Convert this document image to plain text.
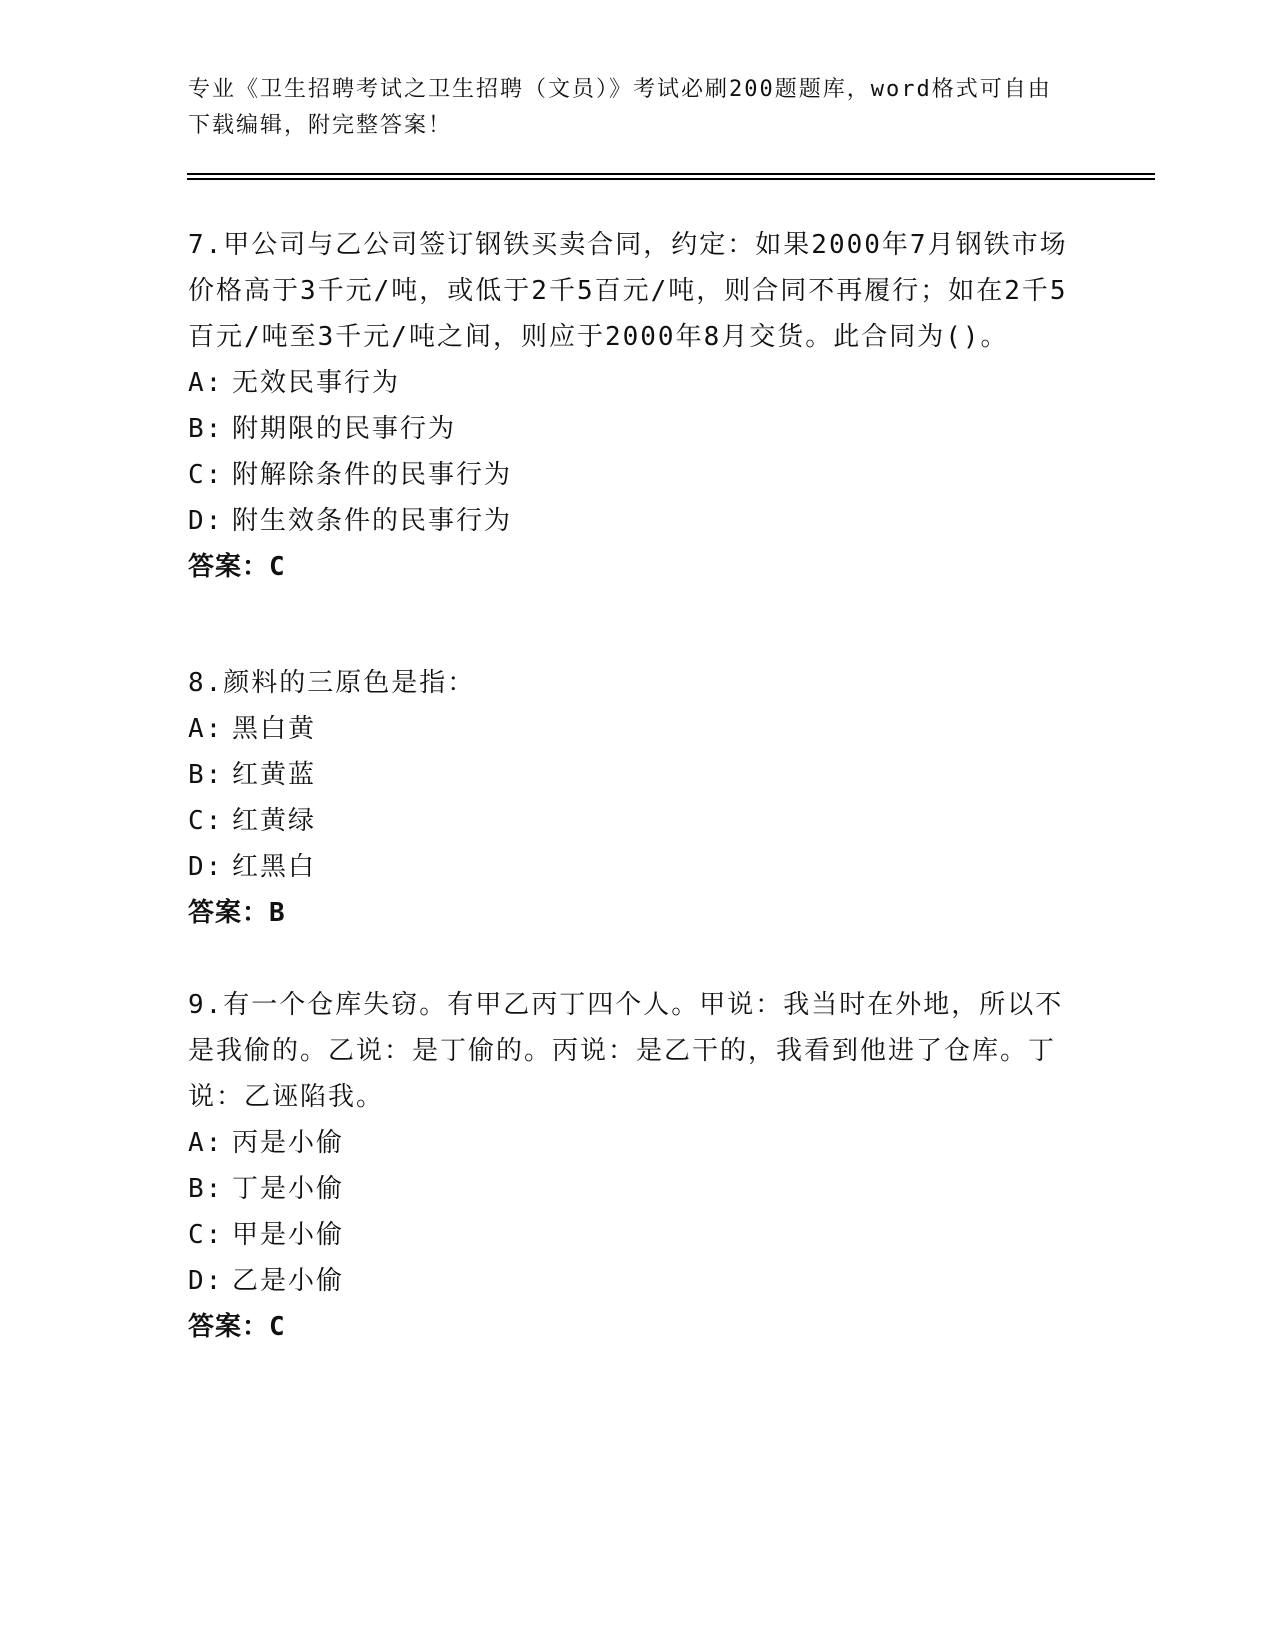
专业《卫生招聘考试之卫生招聘（文员）》考试必刷200题题库，word格式可自由下载编辑，附完整答案！

7.甲公司与乙公司签订钢铁买卖合同，约定：如果2000年7月钢铁市场价格高于3千元/吨，或低于2千5百元/吨，则合同不再履行；如在2千5百元/吨至3千元/吨之间，则应于2000年8月交货。此合同为()。

A: 无效民事行为

B: 附期限的民事行为

C: 附解除条件的民事行为

D: 附生效条件的民事行为

答案：C

8.颜料的三原色是指：

A: 黑白黄

B: 红黄蓝

C: 红黄绿

D: 红黑白

答案：B

9.有一个仓库失窃。有甲乙丙丁四个人。甲说：我当时在外地，所以不是我偷的。乙说：是丁偷的。丙说：是乙干的，我看到他进了仓库。丁说：乙诬陷我。

A: 丙是小偷

B: 丁是小偷

C: 甲是小偷

D: 乙是小偷

答案：C
